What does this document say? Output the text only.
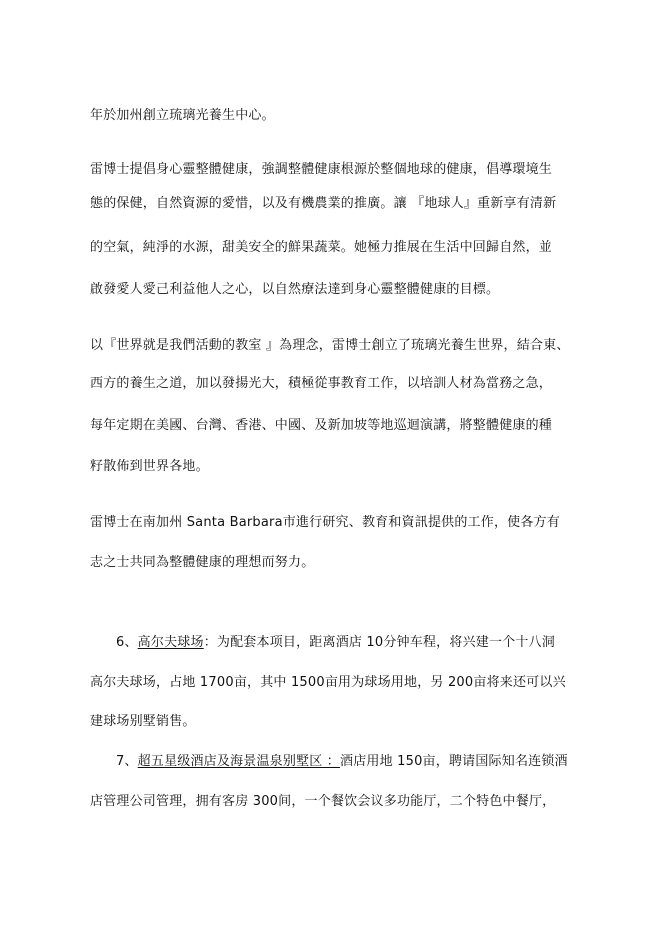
年於加州創立琉璃光養生中心。
雷博士提倡身心靈整體健康，強調整體健康根源於整個地球的健康，倡導環境生
態的保健，自然資源的愛惜，以及有機農業的推廣。讓 『地球人』重新享有清新
的空氣，純淨的水源，甜美安全的鮮果蔬菜。她極力推展在生活中回歸自然，並
啟發愛人愛己利益他人之心，以自然療法達到身心靈整體健康的目標。
以『世界就是我們活動的教室 』為理念，雷博士創立了琉璃光養生世界，結合東、
西方的養生之道，加以發揚光大，積極從事教育工作，以培訓人材為當務之急，
每年定期在美國、台灣、香港、中國、及新加坡等地巡迴演講，將整體健康的種
籽散佈到世界各地。
雷博士在南加州 Santa Barbara市進行研究、教育和資訊提供的工作，使各方有
志之士共同為整體健康的理想而努力。
6、高尔夫球场：为配套本项目，距离酒店 10分钟车程，将兴建一个十八洞
高尔夫球场，占地 1700亩，其中 1500亩用为球场用地，另 200亩将来还可以兴
建球场别墅销售。
7、超五星级酒店及海景温泉别墅区 ：酒店用地 150亩，聘请国际知名连锁酒
店管理公司管理，拥有客房 300间，一个餐饮会议多功能厅，二个特色中餐厅，
